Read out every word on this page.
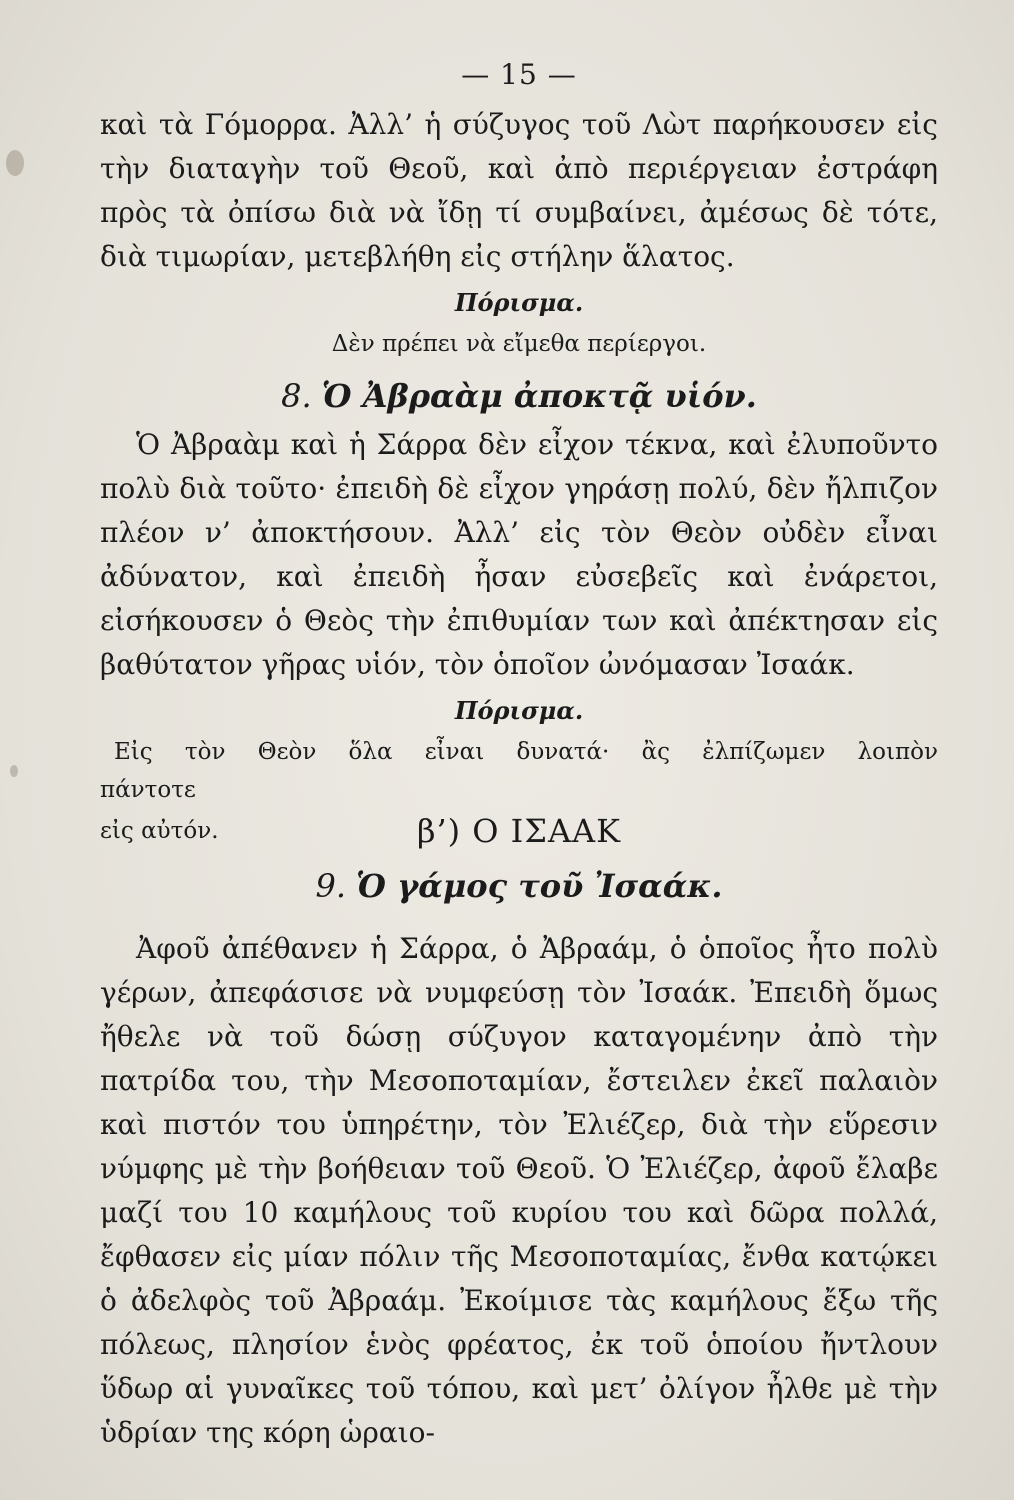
— 15 —

καὶ τὰ Γόμορρα. Ἀλλ’ ἡ σύζυγος τοῦ Λὼτ παρήκουσεν εἰς τὴν διαταγὴν τοῦ Θεοῦ, καὶ ἀπὸ περιέργειαν ἐστράφη πρὸς τὰ ὀπίσω διὰ νὰ ἴδῃ τί συμβαίνει, ἀμέσως δὲ τότε, διὰ τιμωρίαν, μετεβλήθη εἰς στήλην ἅλατος.

Πόρισμα.

Δὲν πρέπει νὰ εἴμεθα περίεργοι.

8. Ὁ Ἀβραὰμ ἀποκτᾷ υἱόν.

Ὁ Ἀβραὰμ καὶ ἡ Σάρρα δὲν εἶχον τέκνα, καὶ ἐλυποῦντο πολὺ διὰ τοῦτο· ἐπειδὴ δὲ εἶχον γηράσῃ πολύ, δὲν ἤλπιζον πλέον ν’ ἀποκτήσουν. Ἀλλ’ εἰς τὸν Θεὸν οὐδὲν εἶναι ἀδύνατον, καὶ ἐπειδὴ ἦσαν εὐσεβεῖς καὶ ἐνάρετοι, εἰσήκουσεν ὁ Θεὸς τὴν ἐπιθυμίαν των καὶ ἀπέκτησαν εἰς βαθύτατον γῆρας υἱόν, τὸν ὁποῖον ὠνόμασαν Ἰσαάκ.

Πόρισμα.

Εἰς τὸν Θεὸν ὅλα εἶναι δυνατά· ἂς ἐλπίζωμεν λοιπὸν πάντοτε

εἰς αὐτόν.	β’) Ο ΙΣΑΑΚ
9. Ὁ γάμος τοῦ Ἰσαάκ.

Ἀφοῦ ἀπέθανεν ἡ Σάρρα, ὁ Ἀβραάμ, ὁ ὁποῖος ἦτο πολὺ γέρων, ἀπεφάσισε νὰ νυμφεύσῃ τὸν Ἰσαάκ. Ἐπειδὴ ὅμως ἤθελε νὰ τοῦ δώσῃ σύζυγον καταγομένην ἀπὸ τὴν πατρίδα του, τὴν Μεσοποταμίαν, ἔστειλεν ἐκεῖ παλαιὸν καὶ πιστόν του ὑπηρέτην, τὸν Ἐλιέζερ, διὰ τὴν εὕρεσιν νύμφης μὲ τὴν βοήθειαν τοῦ Θεοῦ. Ὁ Ἐλιέζερ, ἀφοῦ ἔλαβε μαζί του 10 καμήλους τοῦ κυρίου του καὶ δῶρα πολλά, ἔφθασεν εἰς μίαν πόλιν τῆς Μεσοποταμίας, ἔνθα κατῴκει ὁ ἀδελφὸς τοῦ Ἀβραάμ. Ἐκοίμισε τὰς καμήλους ἔξω τῆς πόλεως, πλησίον ἑνὸς φρέατος, ἐκ τοῦ ὁποίου ἤντλουν ὕδωρ αἱ γυναῖκες τοῦ τόπου, καὶ μετ’ ὀλίγον ἦλθε μὲ τὴν ὑδρίαν της κόρη ὡραιο-
